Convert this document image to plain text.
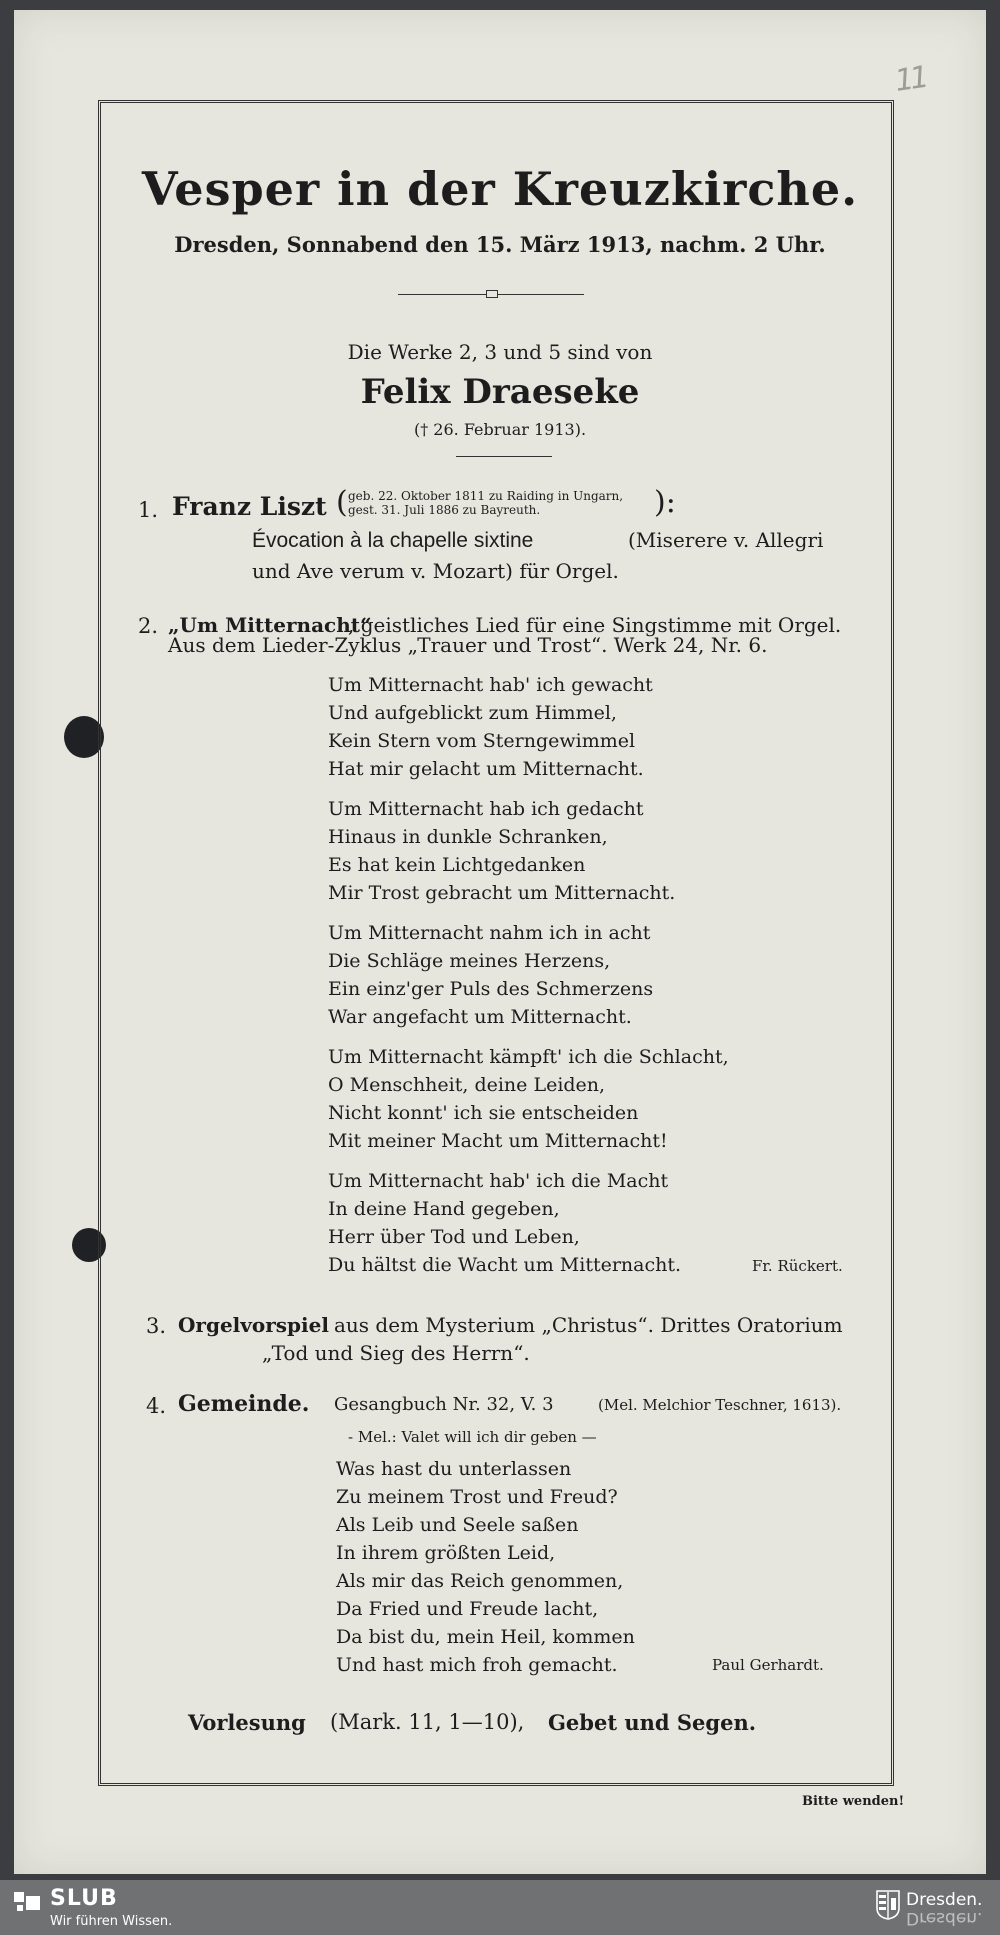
11
Vesper in der Kreuzkirche.
Dresden, Sonnabend den 15. März 1913, nachm. 2 Uhr.
Die Werke 2, 3 und 5 sind von
Felix Draeseke
(† 26. Februar 1913).
1. Franz Liszt ( geb. 22. Oktober 1811 zu Raiding in Ungarn,
gest. 31. Juli 1886 zu Bayreuth.	):
Évocation à la chapelle sixtine	(Miserere v. Allegri
und Ave verum v. Mozart) für Orgel.
2. „Um Mitternacht“
, geistliches Lied für eine Singstimme mit Orgel.
Aus dem Lieder-Zyklus „Trauer und Trost“. Werk 24, Nr. 6.
Um Mitternacht hab' ich gewacht
Und aufgeblickt zum Himmel,
Kein Stern vom Sterngewimmel
Hat mir gelacht um Mitternacht.
Um Mitternacht hab ich gedacht
Hinaus in dunkle Schranken,
Es hat kein Lichtgedanken
Mir Trost gebracht um Mitternacht.
Um Mitternacht nahm ich in acht
Die Schläge meines Herzens,
Ein einz'ger Puls des Schmerzens
War angefacht um Mitternacht.
Um Mitternacht kämpft' ich die Schlacht,
O Menschheit, deine Leiden,
Nicht konnt' ich sie entscheiden
Mit meiner Macht um Mitternacht!
Um Mitternacht hab' ich die Macht
In deine Hand gegeben,
Herr über Tod und Leben,
Du hältst die Wacht um Mitternacht.	Fr. Rückert.
3. Orgelvorspiel aus dem Mysterium „Christus“. Drittes Oratorium
„Tod und Sieg des Herrn“.
4. Gemeinde. Gesangbuch Nr. 32, V. 3	(Mel. Melchior Teschner, 1613).
- Mel.: Valet will ich dir geben —
Was hast du unterlassen
Zu meinem Trost und Freud?
Als Leib und Seele saßen
In ihrem größten Leid,
Als mir das Reich genommen,
Da Fried und Freude lacht,
Da bist du, mein Heil, kommen
Und hast mich froh gemacht.	Paul Gerhardt.
Vorlesung (Mark. 11, 1—10), Gebet und Segen.
Bitte wenden!
SLUB
Wir führen Wissen.
Dresden.
Dresden.
